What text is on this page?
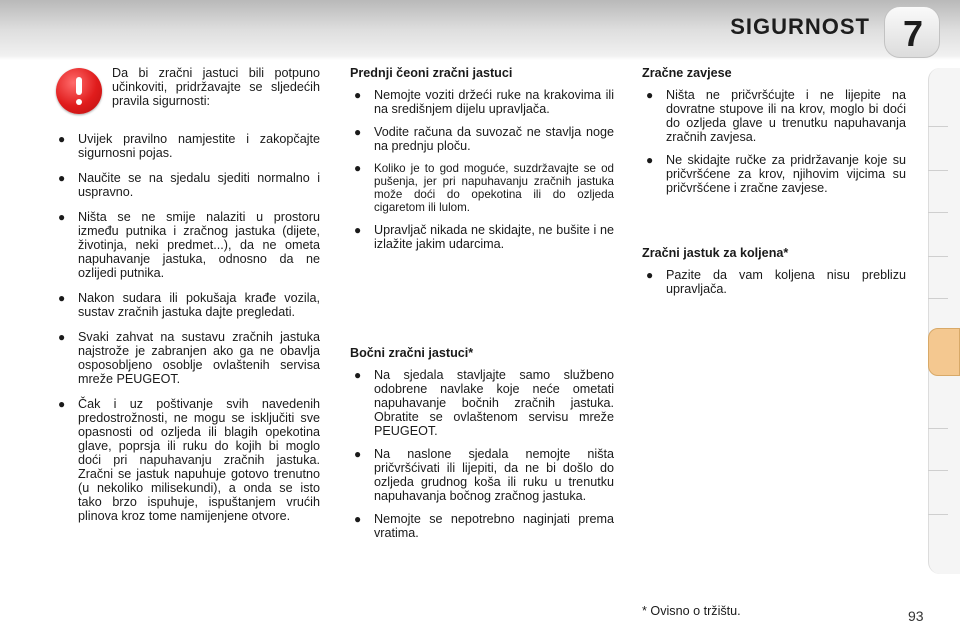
SIGURNOST 7
Da bi zračni jastuci bili potpuno učinkoviti, pridržavajte se sljedećih pravila sigurnosti:
● Uvijek pravilno namjestite i zakopčajte sigurnosni pojas.
● Naučite se na sjedalu sjediti normalno i uspravno.
● Ništa se ne smije nalaziti u prostoru između putnika i zračnog jastuka (dijete, životinja, neki predmet...), da ne ometa napuhavanje jastuka, odnosno da ne ozlijedi putnika.
● Nakon sudara ili pokušaja krađe vozila, sustav zračnih jastuka dajte pregledati.
● Svaki zahvat na sustavu zračnih jastuka najstrože je zabranjen ako ga ne obavlja osposobljeno osoblje ovlaštenih servisa mreže PEUGEOT.
● Čak i uz poštivanje svih navedenih predostrožnosti, ne mogu se isključiti sve opasnosti od ozljeda ili blagih opekotina glave, poprsja ili ruku do kojih bi moglo doći pri napuhavanju zračnih jastuka. Zračni se jastuk napuhuje gotovo trenutno (u nekoliko milisekundi), a onda se isto tako brzo ispuhuje, ispuštanjem vrućih plinova kroz tome namijenjene otvore.
Prednji čeoni zračni jastuci
● Nemojte voziti držeći ruke na krakovima ili na središnjem dijelu upravljača.
● Vodite računa da suvozač ne stavlja noge na prednju ploču.
● Koliko je to god moguće, suzdržavajte se od pušenja, jer pri napuhavanju zračnih jastuka može doći do opekotina ili do ozljeda cigaretom ili lulom.
● Upravljač nikada ne skidajte, ne bušite i ne izlažite jakim udarcima.
Bočni zračni jastuci*
● Na sjedala stavljajte samo službeno odobrene navlake koje neće ometati napuhavanje bočnih zračnih jastuka. Obratite se ovlaštenom servisu mreže PEUGEOT.
● Na naslone sjedala nemojte ništa pričvršćivati ili lijepiti, da ne bi došlo do ozljeda grudnog koša ili ruku u trenutku napuhavanja bočnog zračnog jastuka.
● Nemojte se nepotrebno naginjati prema vratima.
Zračne zavjese
● Ništa ne pričvršćujte i ne lijepite na dovratne stupove ili na krov, moglo bi doći do ozljeda glave u trenutku napuhavanja zračnih zavjesa.
● Ne skidajte ručke za pridržavanje koje su pričvršćene za krov, njihovim vijcima su pričvršćene i zračne zavjese.
Zračni jastuk za koljena*
● Pazite da vam koljena nisu preblizu upravljača.
* Ovisno o tržištu.	93
